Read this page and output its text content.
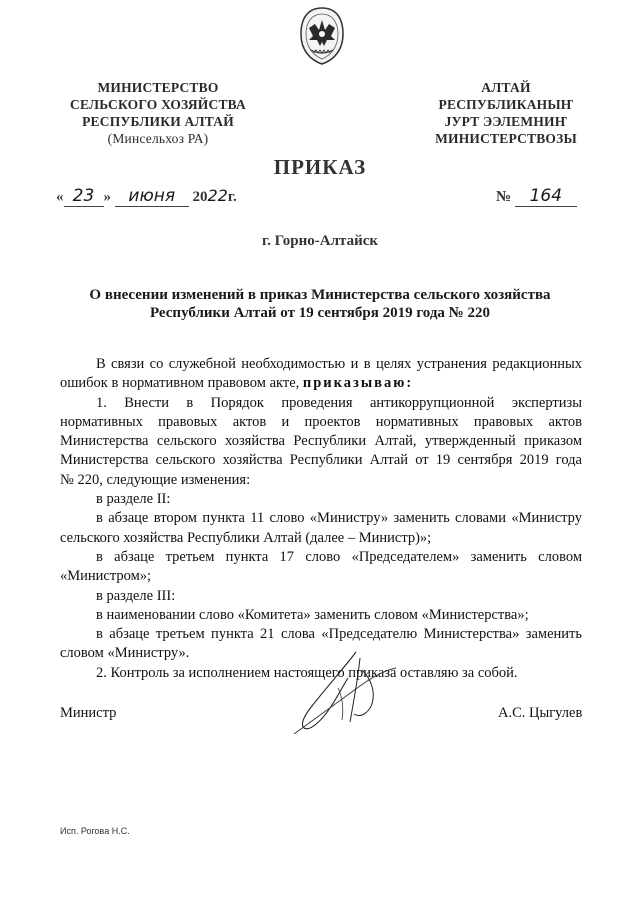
МИНИСТЕРСТВО
СЕЛЬСКОГО ХОЗЯЙСТВА
РЕСПУБЛИКИ АЛТАЙ
(Минсельхоз РА)
АЛТАЙ
РЕСПУБЛИКАНЫҤ
ЈУРТ ЭЭЛЕМНИҤ
МИНИСТЕРСТВОЗЫ
ПРИКАЗ
« 23 » июня 2022г.	№ 164
г. Горно-Алтайск
О внесении изменений в приказ Министерства сельского хозяйства
Республики Алтай от 19 сентября 2019 года № 220

В связи со служебной необходимостью и в целях устранения редакционных

ошибок в нормативном правовом акте, приказываю:

1. Внести в Порядок проведения антикоррупционной экспертизы

нормативных правовых актов и проектов нормативных правовых актов

Министерства сельского хозяйства Республики Алтай, утвержденный приказом

Министерства сельского хозяйства Республики Алтай от 19 сентября 2019 года

№ 220, следующие изменения:

в разделе II:

в абзаце втором пункта 11 слово «Министру» заменить словами «Министру

сельского хозяйства Республики Алтай (далее – Министр)»;

в абзаце третьем пункта 17 слово «Председателем» заменить словом

«Министром»;

в разделе III:

в наименовании слово «Комитета» заменить словом «Министерства»;

в абзаце третьем пункта 21 слова «Председателю Министерства» заменить

словом «Министру».

2. Контроль за исполнением настоящего приказа оставляю за собой.

Министр	А.С. Цыгулев
Исп. Рогова Н.С.
